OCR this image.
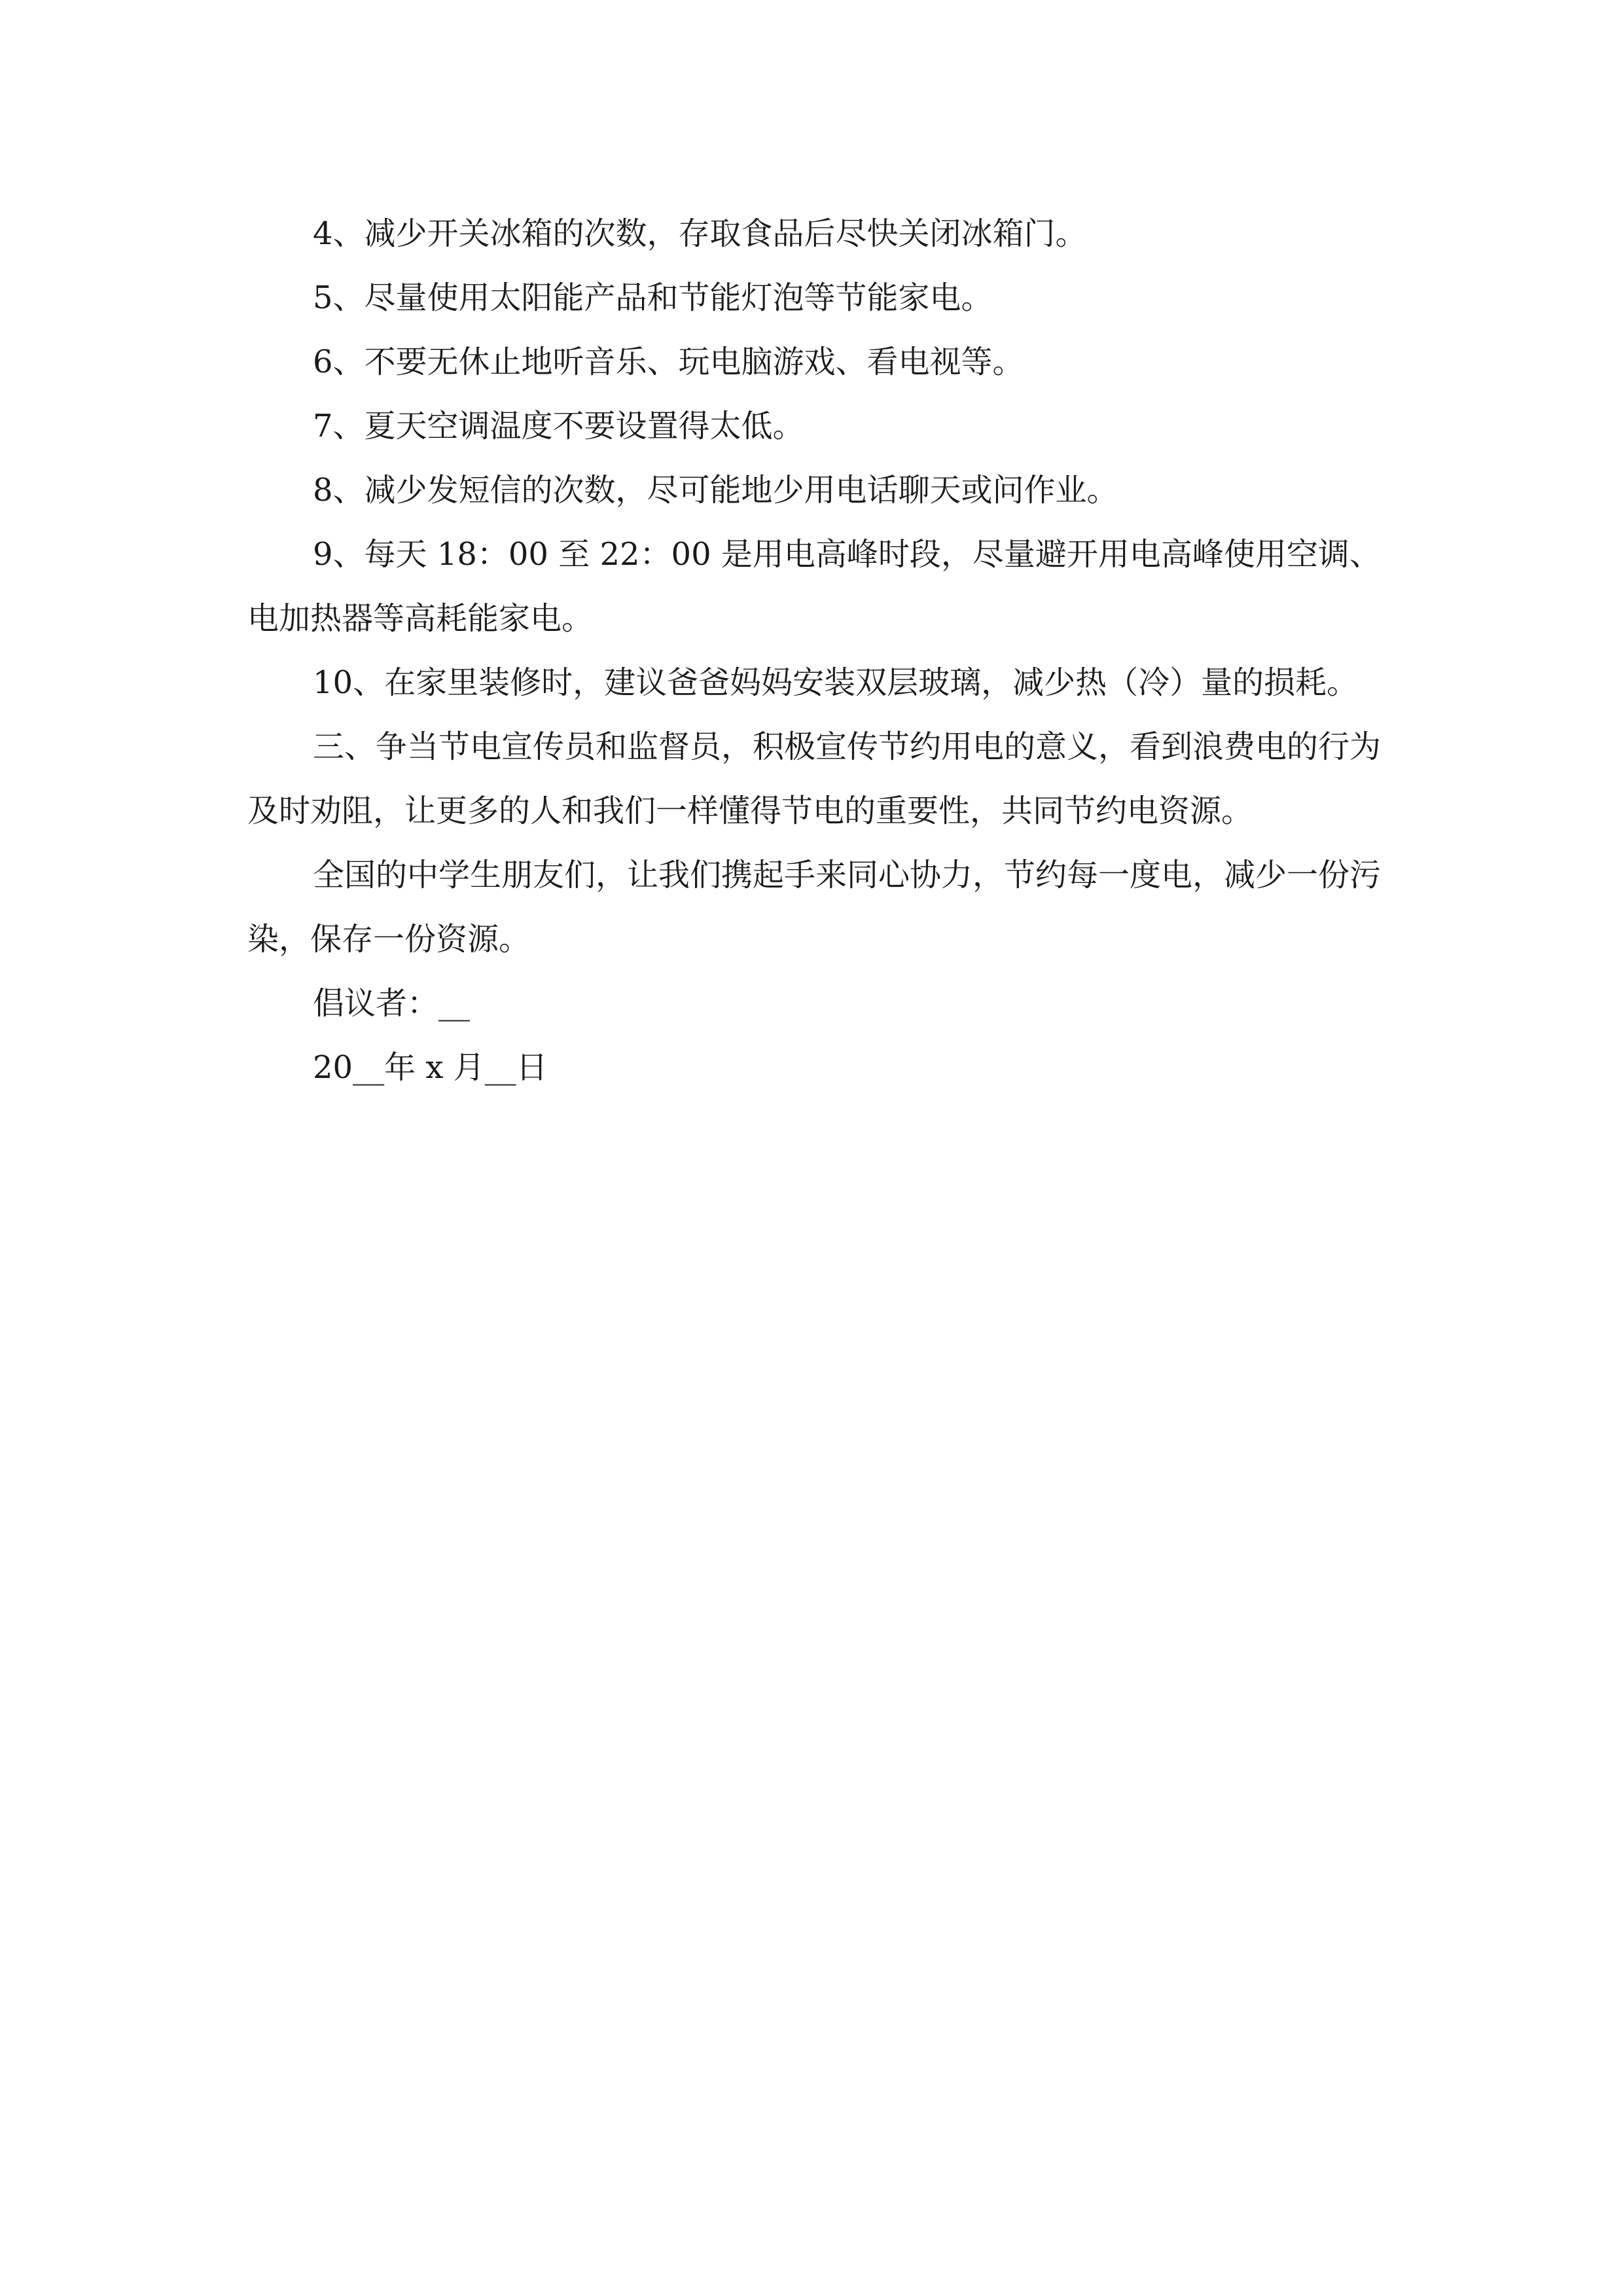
4、减少开关冰箱的次数，存取食品后尽快关闭冰箱门。

5、尽量使用太阳能产品和节能灯泡等节能家电。

6、不要无休止地听音乐、玩电脑游戏、看电视等。

7、夏天空调温度不要设置得太低。

8、减少发短信的次数，尽可能地少用电话聊天或问作业。

9、每天 18：00 至 22：00 是用电高峰时段，尽量避开用电高峰使用空调、电加热器等高耗能家电。

10、在家里装修时，建议爸爸妈妈安装双层玻璃，减少热（冷）量的损耗。

三、争当节电宣传员和监督员，积极宣传节约用电的意义，看到浪费电的行为及时劝阻，让更多的人和我们一样懂得节电的重要性，共同节约电资源。

全国的中学生朋友们，让我们携起手来同心协力，节约每一度电，减少一份污染，保存一份资源。

倡议者：__

20__年 x 月__日
